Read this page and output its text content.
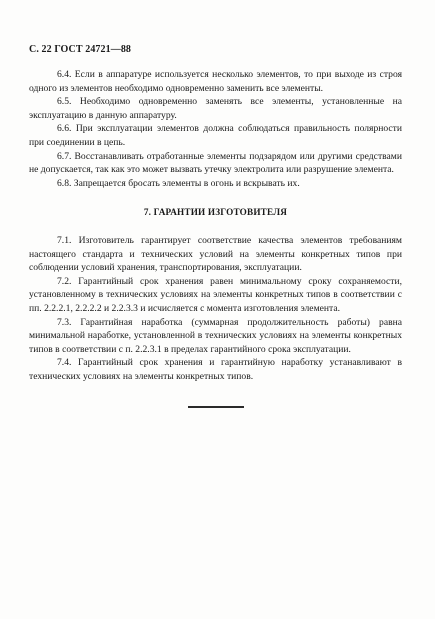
С. 22 ГОСТ 24721—88

6.4. Если в аппаратуре используется несколько элементов, то при выходе из строя одного из элементов необходимо одновременно заменить все элементы.

6.5. Необходимо одновременно заменять все элементы, установленные на эксплуатацию в данную аппаратуру.

6.6. При эксплуатации элементов должна соблюдаться правильность полярности при соединении в цепь.

6.7. Восстанавливать отработанные элементы подзарядом или другими средствами не допускается, так как это может вызвать утечку электролита или разрушение элемента.

6.8. Запрещается бросать элементы в огонь и вскрывать их.

7. ГАРАНТИИ ИЗГОТОВИТЕЛЯ

7.1. Изготовитель гарантирует соответствие качества элементов требованиям настоящего стандарта и технических условий на элементы конкретных типов при соблюдении условий хранения, транспортирования, эксплуатации.

7.2. Гарантийный срок хранения равен минимальному сроку сохраняемости, установленному в технических условиях на элементы конкретных типов в соответствии с пп. 2.2.2.1, 2.2.2.2 и 2.2.3.3 и исчисляется с момента изготовления элемента.

7.3. Гарантийная наработка (суммарная продолжительность работы) равна минимальной наработке, установленной в технических условиях на элементы конкретных типов в соответствии с п. 2.2.3.1 в пределах гарантийного срока эксплуатации.

7.4. Гарантийный срок хранения и гарантийную наработку устанавливают в технических условиях на элементы конкретных типов.
